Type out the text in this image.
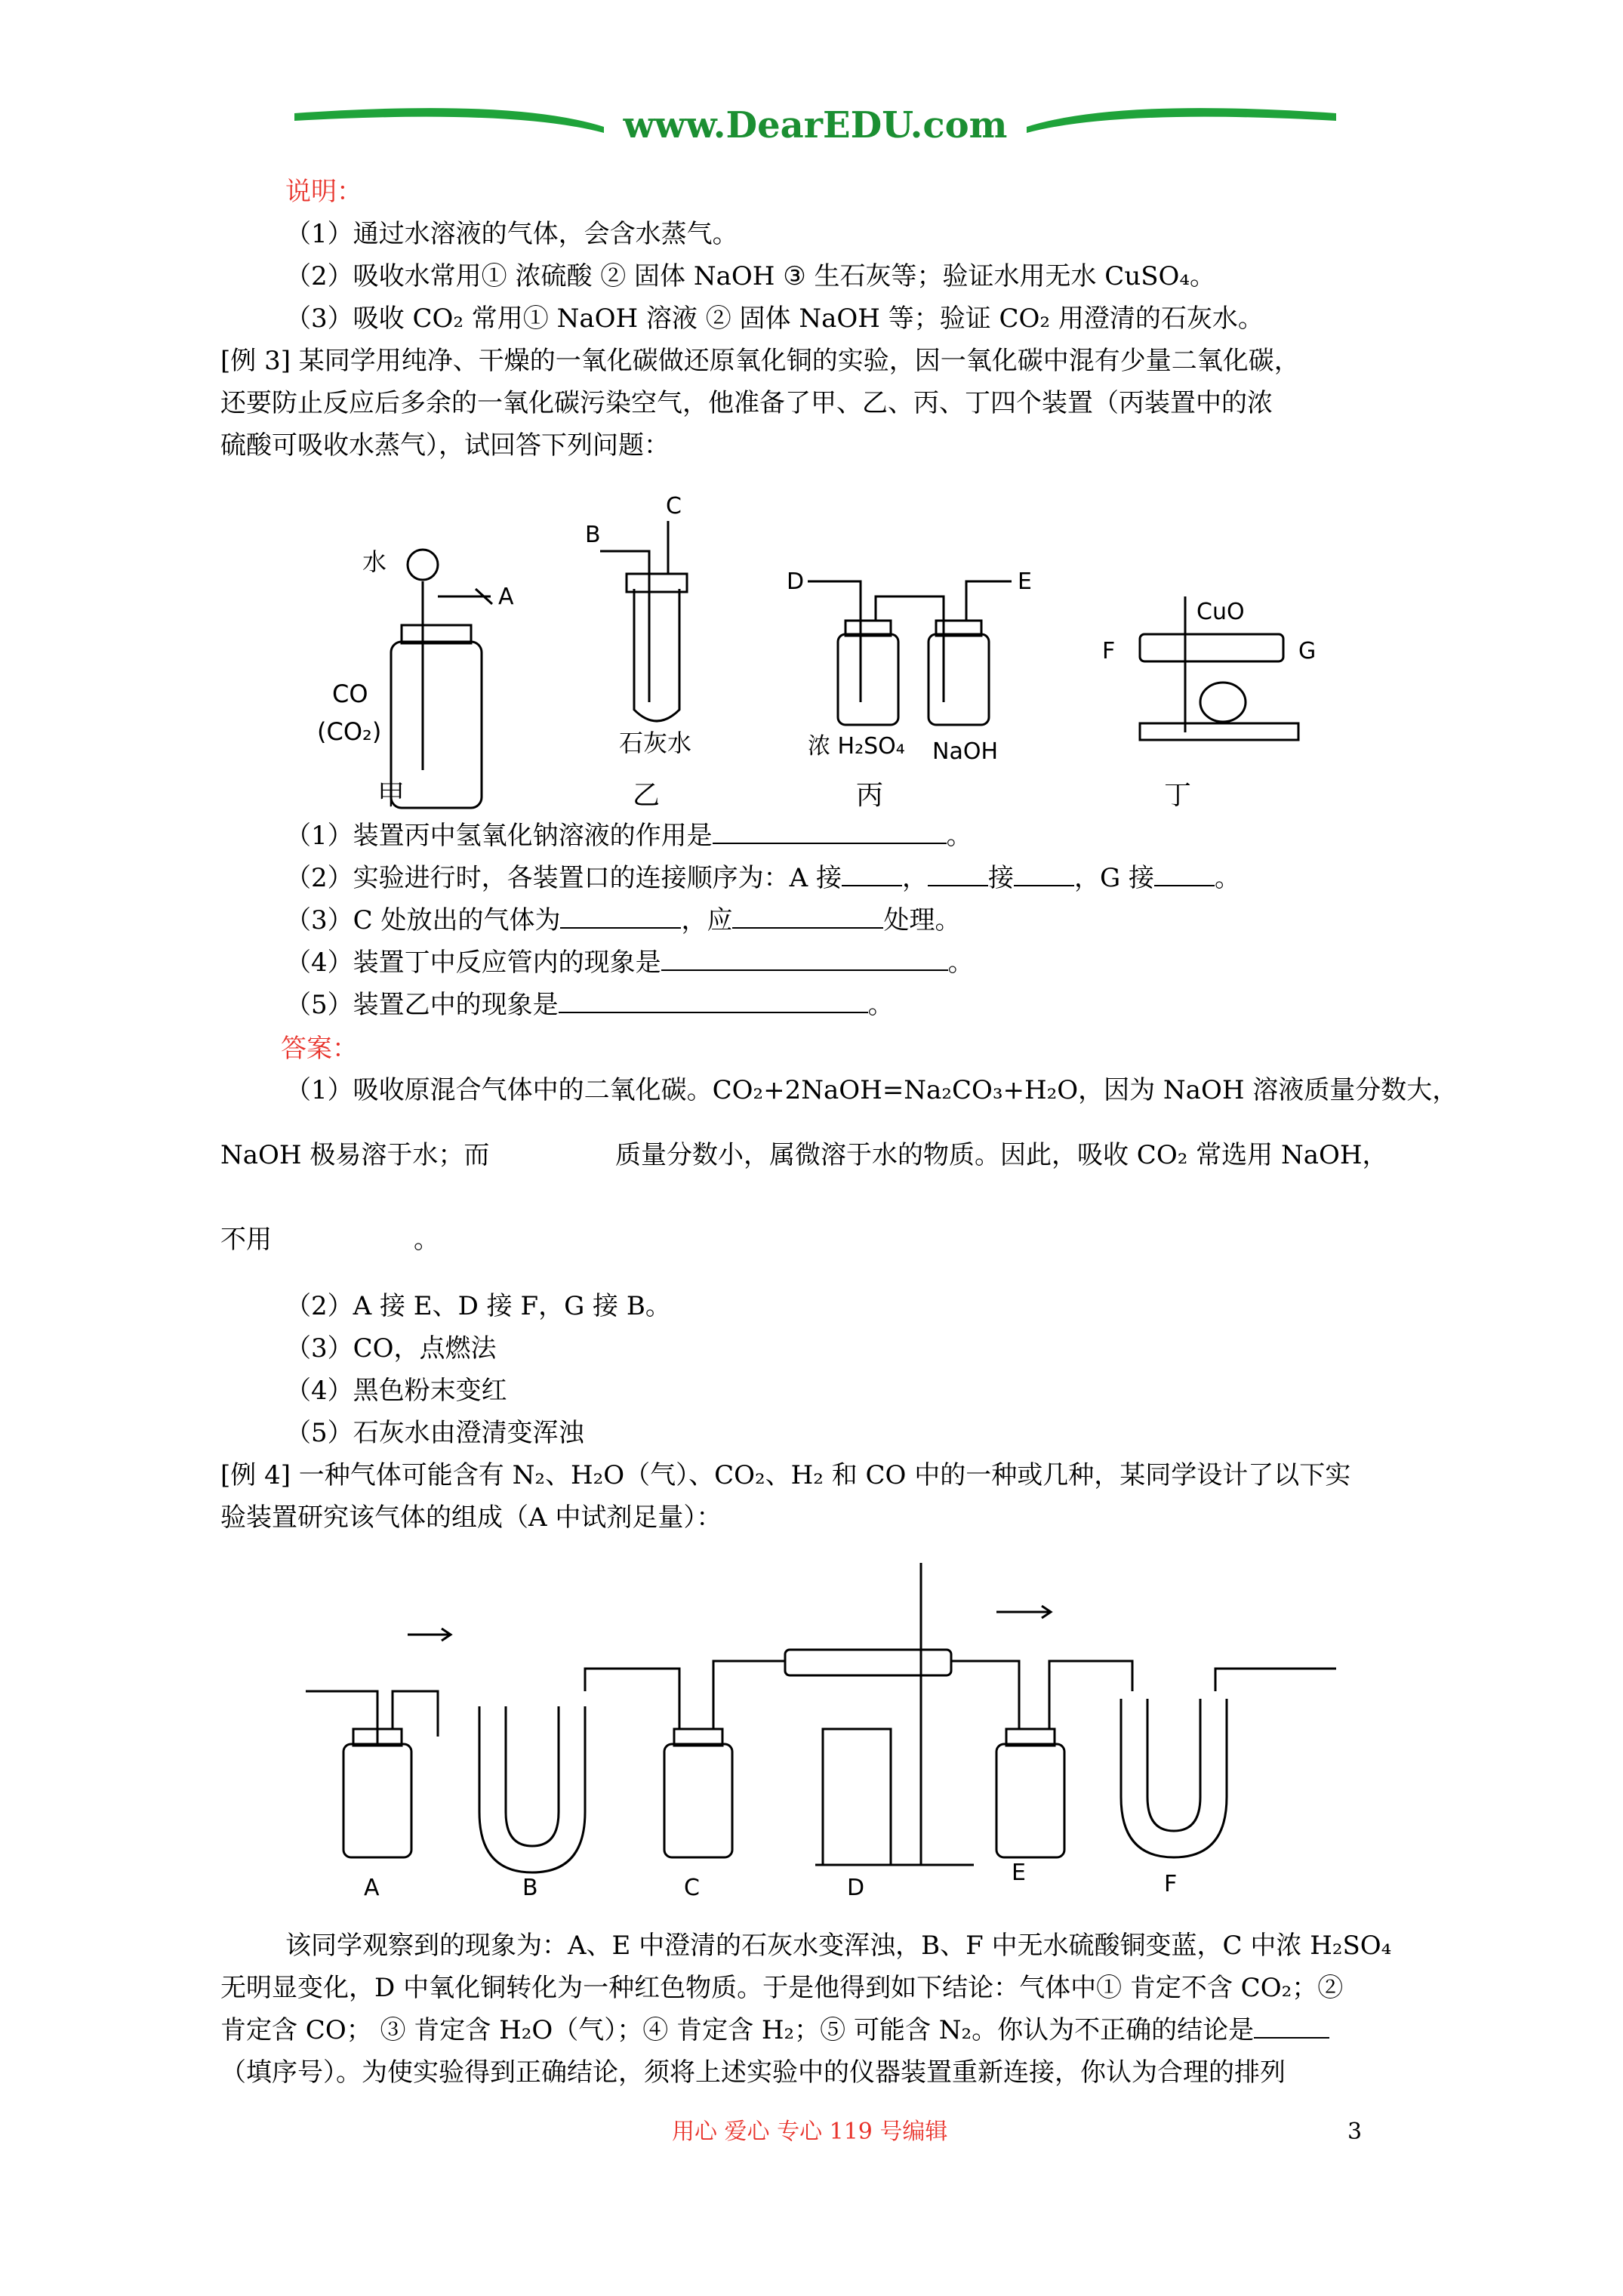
www.DearEDU.com
说明：
（1）通过水溶液的气体，会含水蒸气。
（2）吸收水常用① 浓硫酸 ② 固体 NaOH ③ 生石灰等；验证水用无水 CuSO₄。
（3）吸收 CO₂ 常用① NaOH 溶液 ② 固体 NaOH 等；验证 CO₂ 用澄清的石灰水。
[例 3] 某同学用纯净、干燥的一氧化碳做还原氧化铜的实验，因一氧化碳中混有少量二氧化碳，
还要防止反应后多余的一氧化碳污染空气，他准备了甲、乙、丙、丁四个装置（丙装置中的浓
硫酸可吸收水蒸气），试回答下列问题：
水
A
CO
(CO₂)
B
C
石灰水
D	E
浓 H₂SO₄ NaOH
CuO
F	G
甲	乙	丙	丁
（1）装置丙中氢氧化钠溶液的作用是	。
（2）实验进行时，各装置口的连接顺序为：A 接 ， 接 ，G 接 。
（3）C 处放出的气体为	，应	处理。
（4）装置丁中反应管内的现象是	。
（5）装置乙中的现象是	。
答案：
（1）吸收原混合气体中的二氧化碳。CO₂+2NaOH=Na₂CO₃+H₂O，因为 NaOH 溶液质量分数大，
NaOH 极易溶于水；而	质量分数小，属微溶于水的物质。因此，吸收 CO₂ 常选用 NaOH，
不用	。
（2）A 接 E、D 接 F，G 接 B。
（3）CO，点燃法
（4）黑色粉末变红
（5）石灰水由澄清变浑浊
[例 4] 一种气体可能含有 N₂、H₂O（气）、CO₂、H₂ 和 CO 中的一种或几种，某同学设计了以下实
验装置研究该气体的组成（A 中试剂足量）：
A	B	C	D
E	F
该同学观察到的现象为：A、E 中澄清的石灰水变浑浊，B、F 中无水硫酸铜变蓝，C 中浓 H₂SO₄
无明显变化，D 中氧化铜转化为一种红色物质。于是他得到如下结论：气体中① 肯定不含 CO₂；②
肯定含 CO； ③ 肯定含 H₂O（气）；④ 肯定含 H₂；⑤ 可能含 N₂。你认为不正确的结论是
（填序号）。为使实验得到正确结论，须将上述实验中的仪器装置重新连接，你认为合理的排列
用心 爱心 专心 119 号编辑	3
